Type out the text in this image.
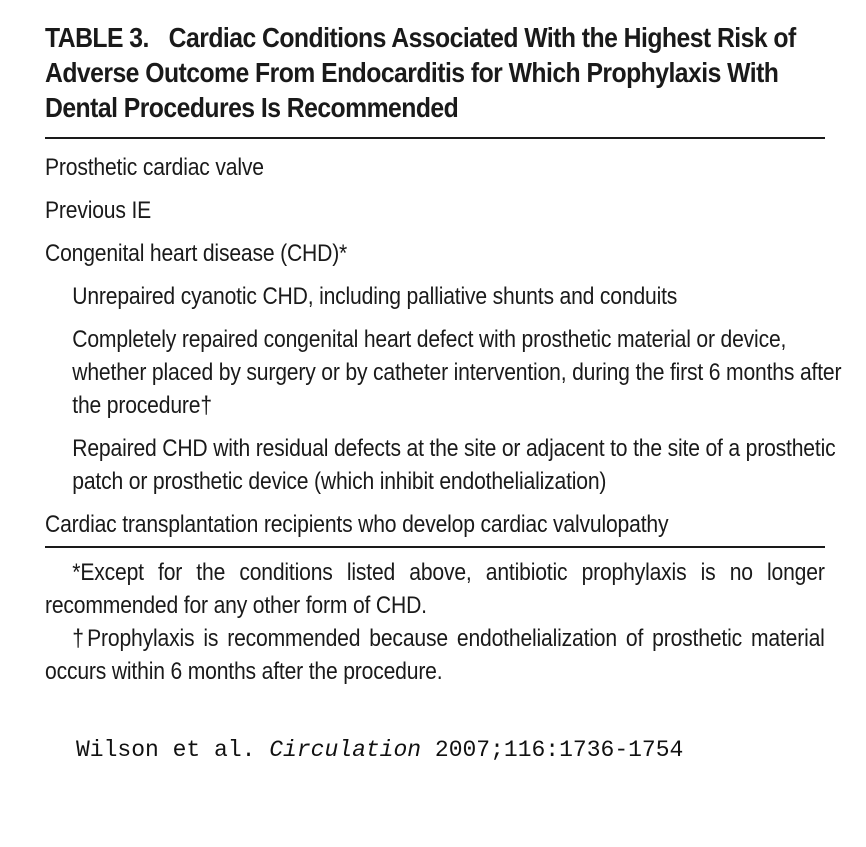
TABLE 3. Cardiac Conditions Associated With the Highest Risk of Adverse Outcome From Endocarditis for Which Prophylaxis With Dental Procedures Is Recommended
Prosthetic cardiac valve
Previous IE
Congenital heart disease (CHD)*
Unrepaired cyanotic CHD, including palliative shunts and conduits
Completely repaired congenital heart defect with prosthetic material or device, whether placed by surgery or by catheter intervention, during the first 6 months after the procedure†
Repaired CHD with residual defects at the site or adjacent to the site of a prosthetic patch or prosthetic device (which inhibit endothelialization)
Cardiac transplantation recipients who develop cardiac valvulopathy
*Except for the conditions listed above, antibiotic prophylaxis is no longer recommended for any other form of CHD.
†Prophylaxis is recommended because endothelialization of prosthetic material occurs within 6 months after the procedure.
Wilson et al. Circulation 2007;116:1736-1754
